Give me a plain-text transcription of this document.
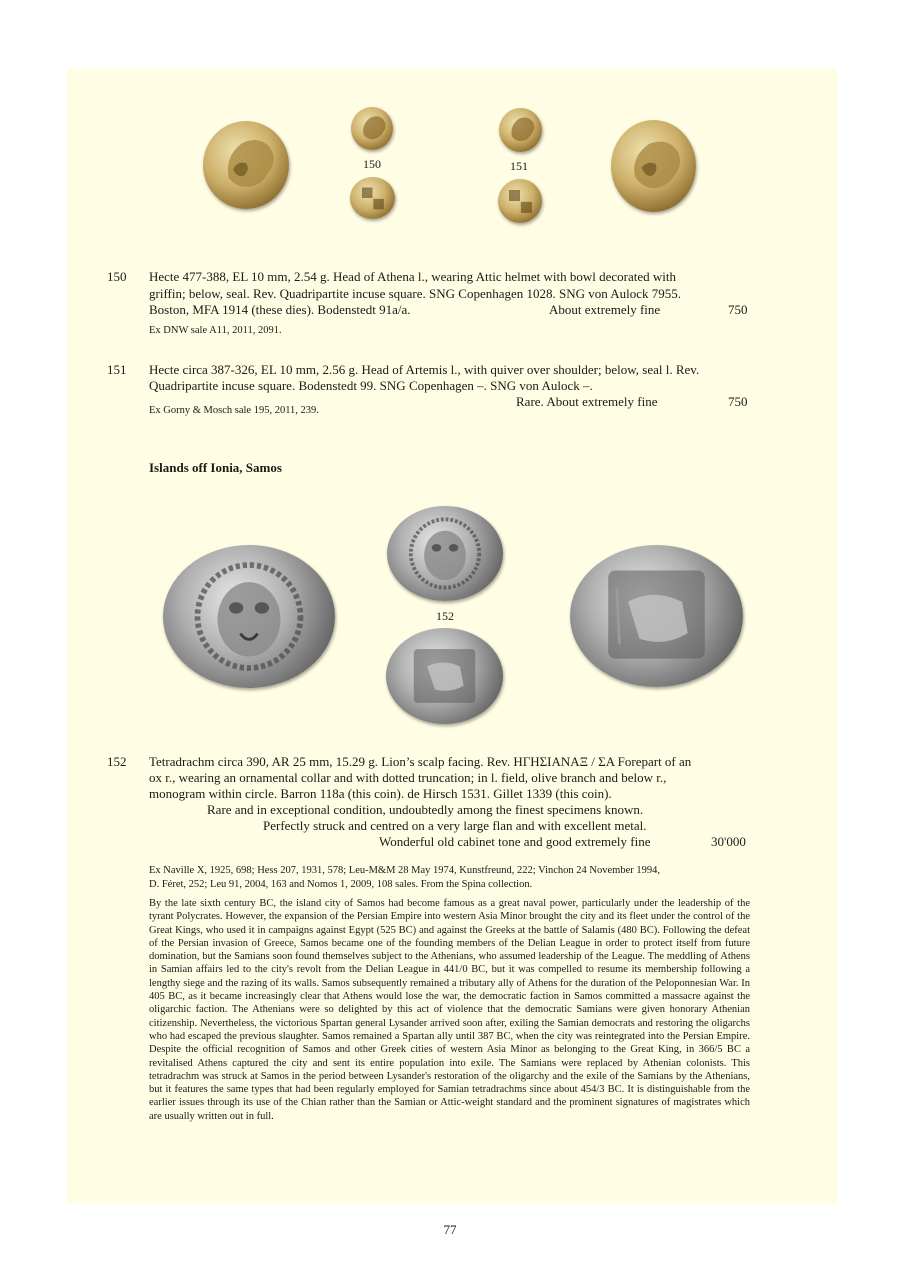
150	151
150 Hecte 477-388, EL 10 mm, 2.54 g. Head of Athena l., wearing Attic helmet with bowl decorated with
griffin; below, seal. Rev. Quadripartite incuse square. SNG Copenhagen 1028. SNG von Aulock 7955.
Boston, MFA 1914 (these dies). Bodenstedt 91a/a.	About extremely fine	750
Ex DNW sale A11, 2011, 2091.
151 Hecte circa 387-326, EL 10 mm, 2.56 g. Head of Artemis l., with quiver over shoulder; below, seal l. Rev.
Quadripartite incuse square. Bodenstedt 99. SNG Copenhagen –. SNG von Aulock –.
Rare. About extremely fine	750
Ex Gorny & Mosch sale 195, 2011, 239.
Islands off Ionia, Samos
152
152 Tetradrachm circa 390, AR 25 mm, 15.29 g. Lion’s scalp facing. Rev. ΗΓΗΣΙΑΝΑΞ / ΣΑ Forepart of an
ox r., wearing an ornamental collar and with dotted truncation; in l. field, olive branch and below r.,
monogram within circle. Barron 118a (this coin). de Hirsch 1531. Gillet 1339 (this coin).
Rare and in exceptional condition, undoubtedly among the finest specimens known.
Perfectly struck and centred on a very large flan and with excellent metal.
Wonderful old cabinet tone and good extremely fine	30'000
Ex Naville X, 1925, 698; Hess 207, 1931, 578; Leu-M&M 28 May 1974, Kunstfreund, 222; Vinchon 24 November 1994,
D. Féret, 252; Leu 91, 2004, 163 and Nomos 1, 2009, 108 sales. From the Spina collection.
By the late sixth century BC, the island city of Samos had become famous as a great naval power, particularly under the leadership of the tyrant Polycrates. However, the expansion of the Persian Empire into western Asia Minor brought the city and its fleet under the control of the Great Kings, who used it in campaigns against Egypt (525 BC) and against the Greeks at the battle of Salamis (480 BC). Following the defeat of the Persian invasion of Greece, Samos became one of the founding members of the Delian League in order to protect itself from future domination, but the Samians soon found themselves subject to the Athenians, who assumed leadership of the League. The meddling of Athens in Samian affairs led to the city's revolt from the Delian League in 441/0 BC, but it was compelled to resume its membership following a lengthy siege and the razing of its walls. Samos subsequently remained a tributary ally of Athens for the duration of the Peloponnesian War. In 405 BC, as it became increasingly clear that Athens would lose the war, the democratic faction in Samos committed a massacre against the oligarchic faction. The Athenians were so delighted by this act of violence that the democratic Samians were given honorary Athenian citizenship. Nevertheless, the victorious Spartan general Lysander arrived soon after, exiling the Samian democrats and restoring the oligarchs who had escaped the previous slaughter. Samos remained a Spartan ally until 387 BC, when the city was reintegrated into the Persian Empire. Despite the official recognition of Samos and other Greek cities of western Asia Minor as belonging to the Great King, in 366/5 BC a revitalised Athens captured the city and sent its entire population into exile. The Samians were replaced by Athenian colonists. This tetradrachm was struck at Samos in the period between Lysander's restoration of the oligarchy and the exile of the Samians by the Athenians, but it features the same types that had been regularly employed for Samian tetradrachms since about 454/3 BC. It is distinguishable from the earlier issues through its use of the Chian rather than the Samian or Attic-weight standard and the prominent signatures of magistrates which are usually written out in full.
77
